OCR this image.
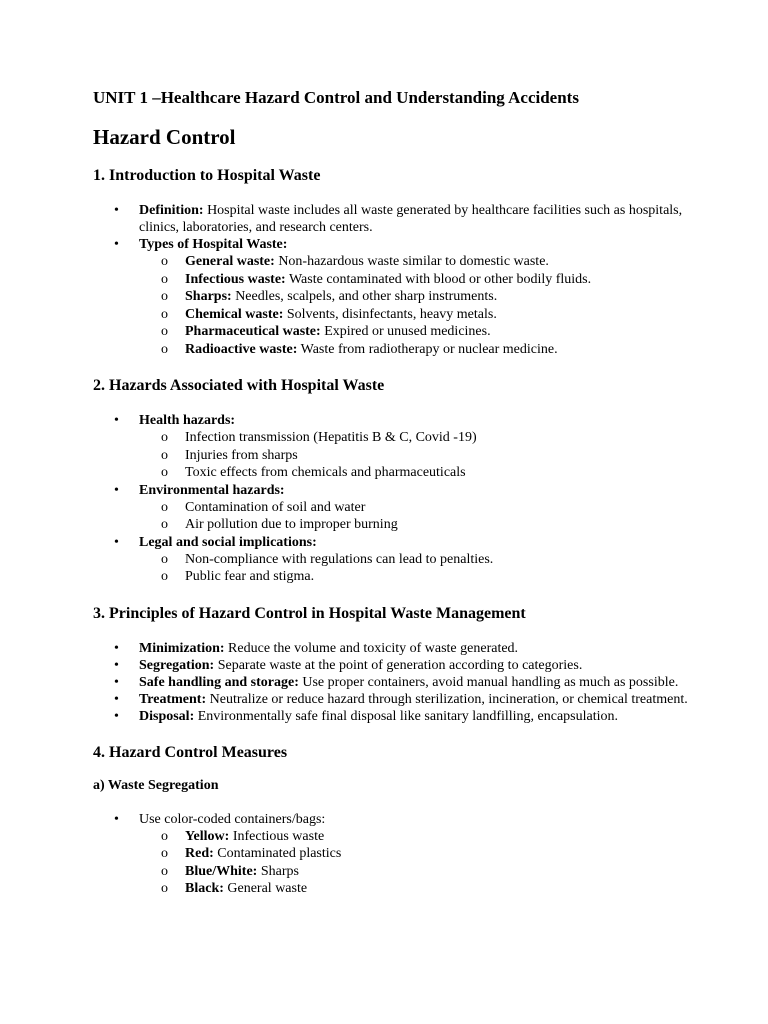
UNIT 1 –Healthcare Hazard Control and Understanding Accidents
Hazard Control
1. Introduction to Hospital Waste
• Definition: Hospital waste includes all waste generated by healthcare facilities such as hospitals, clinics, laboratories, and research centers.
• Types of Hospital Waste:
o General waste: Non-hazardous waste similar to domestic waste.
o Infectious waste: Waste contaminated with blood or other bodily fluids.
o Sharps: Needles, scalpels, and other sharp instruments.
o Chemical waste: Solvents, disinfectants, heavy metals.
o Pharmaceutical waste: Expired or unused medicines.
o Radioactive waste: Waste from radiotherapy or nuclear medicine.
2. Hazards Associated with Hospital Waste
• Health hazards:
o Infection transmission (Hepatitis B & C, Covid -19)
o Injuries from sharps
o Toxic effects from chemicals and pharmaceuticals
• Environmental hazards:
o Contamination of soil and water
o Air pollution due to improper burning
• Legal and social implications:
o Non-compliance with regulations can lead to penalties.
o Public fear and stigma.
3. Principles of Hazard Control in Hospital Waste Management
• Minimization: Reduce the volume and toxicity of waste generated.
• Segregation: Separate waste at the point of generation according to categories.
• Safe handling and storage: Use proper containers, avoid manual handling as much as possible.
• Treatment: Neutralize or reduce hazard through sterilization, incineration, or chemical treatment.
• Disposal: Environmentally safe final disposal like sanitary landfilling, encapsulation.
4. Hazard Control Measures
a) Waste Segregation
• Use color-coded containers/bags:
o Yellow: Infectious waste
o Red: Contaminated plastics
o Blue/White: Sharps
o Black: General waste
